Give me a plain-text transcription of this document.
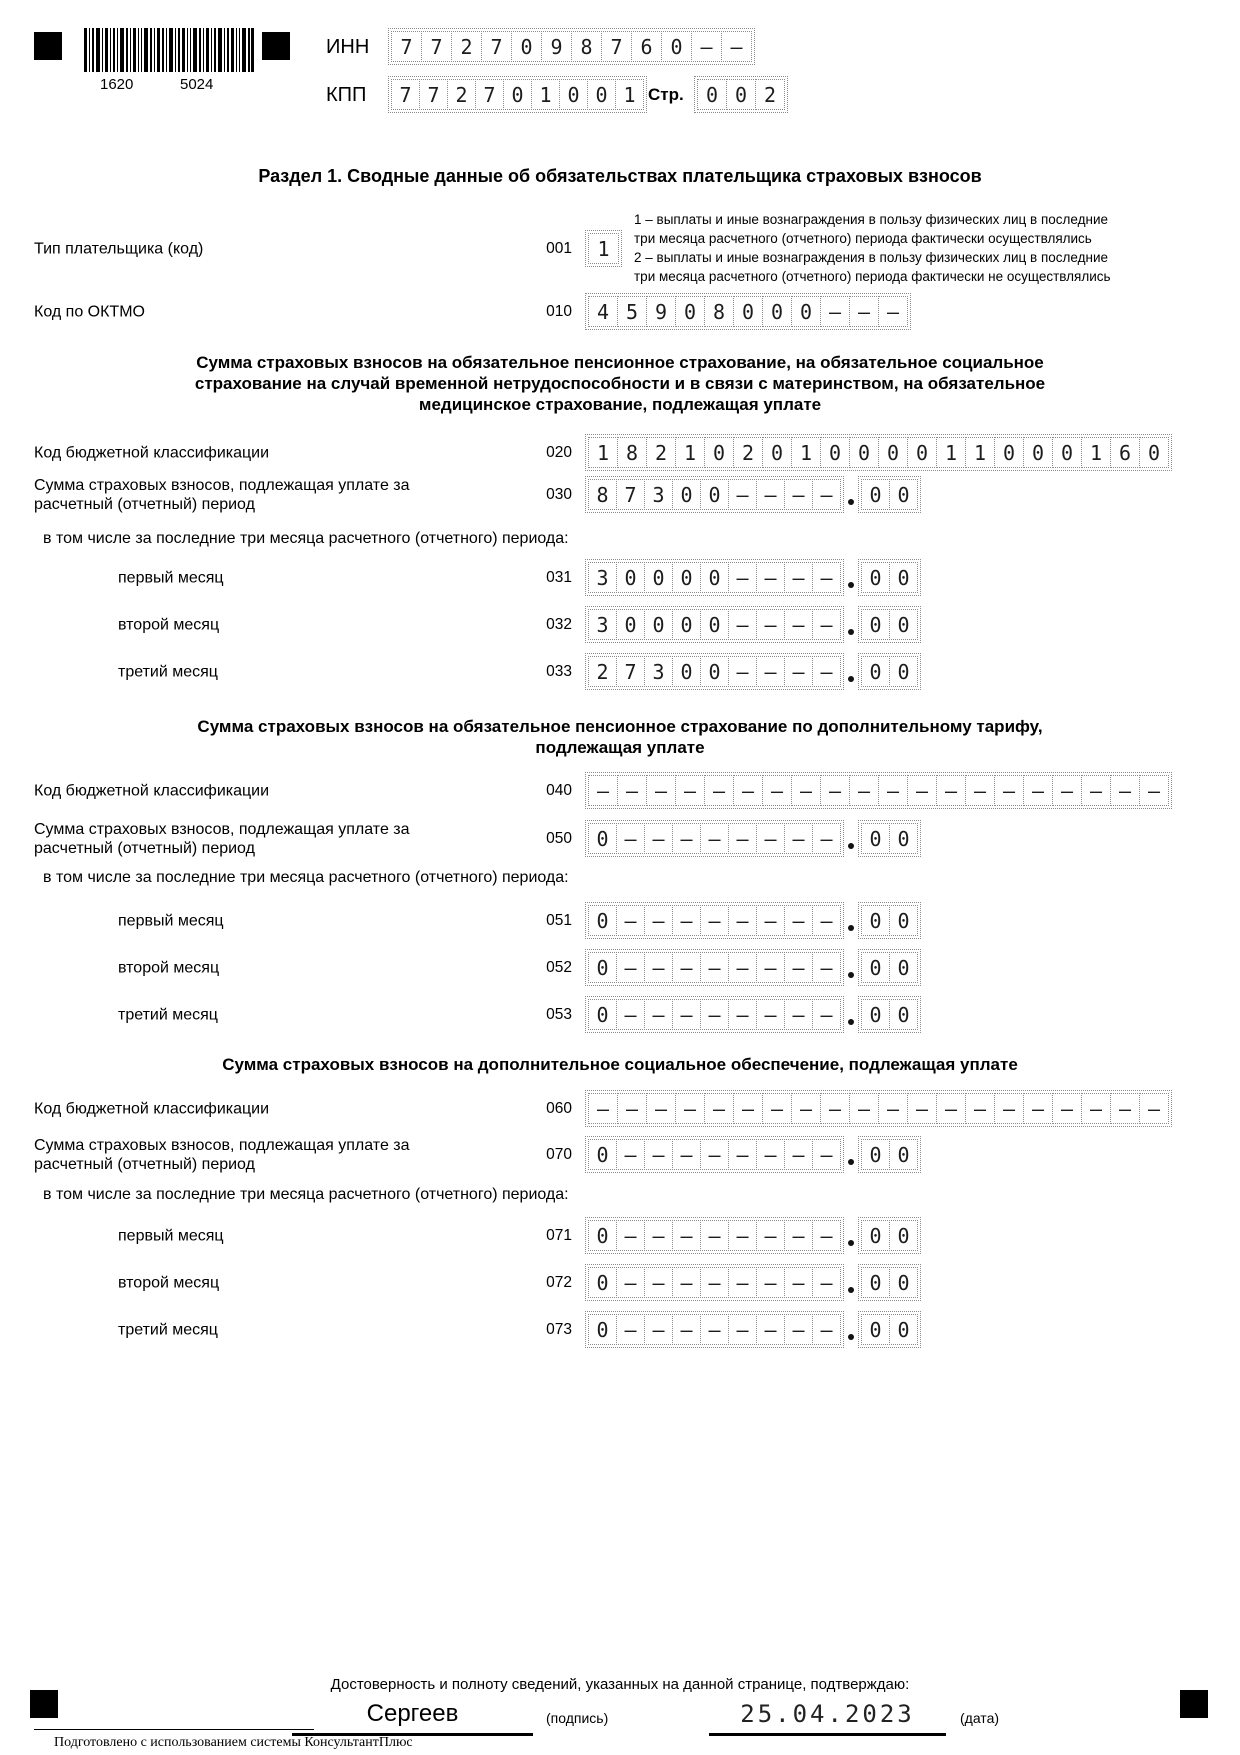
1620	5024
ИНН	7 7 2 7 0 9 8 7 6 0 – –
КПП	7 7 2 7 0 1 0 0 1 Стр.	0 0 2
Раздел 1. Сводные данные об обязательствах плательщика страховых взносов
Тип плательщика (код)	001	1
1 – выплаты и иные вознаграждения в пользу физических лиц в последние
три месяца расчетного (отчетного) периода фактически осуществлялись
2 – выплаты и иные вознаграждения в пользу физических лиц в последние
три месяца расчетного (отчетного) периода фактически не осуществлялись
Код по ОКТМО	010	4 5 9 0 8 0 0 0 – – –
Сумма страховых взносов на обязательное пенсионное страхование, на обязательное социальное
страхование на случай временной нетрудоспособности и в связи с материнством, на обязательное
медицинское страхование, подлежащая уплате
Код бюджетной классификации	020	1 8 2 1 0 2 0 1 0 0 0 0 1 1 0 0 0 1 6 0
Сумма страховых взносов, подлежащая уплате за расчетный (отчетный) период
030	8 7 3 0 0 – – – –	0 0
в том числе за последние три месяца расчетного (отчетного) периода:
первый месяц	031	3 0 0 0 0 – – – –	0 0
второй месяц	032	3 0 0 0 0 – – – –	0 0
третий месяц	033	2 7 3 0 0 – – – –	0 0
Сумма страховых взносов на обязательное пенсионное страхование по дополнительному тарифу,
подлежащая уплате
Код бюджетной классификации	040	– – – – – – – – – – – – – – – – – – – –
Сумма страховых взносов, подлежащая уплате за расчетный (отчетный) период
050	0 – – – – – – – –	0 0
в том числе за последние три месяца расчетного (отчетного) периода:
первый месяц	051	0 – – – – – – – –	0 0
второй месяц	052	0 – – – – – – – –	0 0
третий месяц	053	0 – – – – – – – –	0 0
Сумма страховых взносов на дополнительное социальное обеспечение, подлежащая уплате
Код бюджетной классификации	060	– – – – – – – – – – – – – – – – – – – –
Сумма страховых взносов, подлежащая уплате за расчетный (отчетный) период
070	0 – – – – – – – –	0 0
в том числе за последние три месяца расчетного (отчетного) периода:
первый месяц	071	0 – – – – – – – –	0 0
второй месяц	072	0 – – – – – – – –	0 0
третий месяц	073	0 – – – – – – – –	0 0
Достоверность и полноту сведений, указанных на данной странице, подтверждаю:
Сергеев	(подпись)	25.04.2023	(дата)
Подготовлено с использованием системы КонсультантПлюс
